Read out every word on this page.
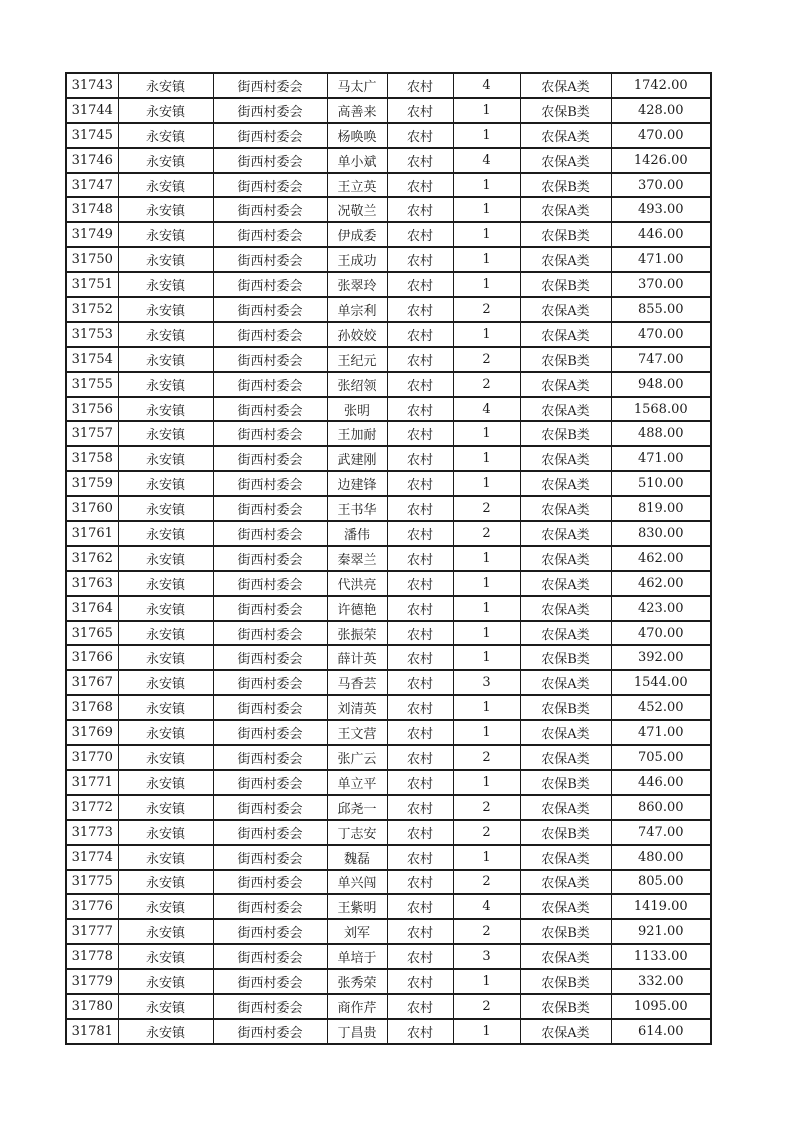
31743	永安镇	街西村委会	马太广	农村	4	农保A类	1742.00
31744	永安镇	街西村委会	高善来	农村	1	农保B类	428.00
31745	永安镇	街西村委会	杨唤唤	农村	1	农保A类	470.00
31746	永安镇	街西村委会	单小斌	农村	4	农保A类	1426.00
31747	永安镇	街西村委会	王立英	农村	1	农保B类	370.00
31748	永安镇	街西村委会	况敬兰	农村	1	农保A类	493.00
31749	永安镇	街西村委会	伊成委	农村	1	农保B类	446.00
31750	永安镇	街西村委会	王成功	农村	1	农保A类	471.00
31751	永安镇	街西村委会	张翠玲	农村	1	农保B类	370.00
31752	永安镇	街西村委会	单宗利	农村	2	农保A类	855.00
31753	永安镇	街西村委会	孙姣姣	农村	1	农保A类	470.00
31754	永安镇	街西村委会	王纪元	农村	2	农保B类	747.00
31755	永安镇	街西村委会	张绍领	农村	2	农保A类	948.00
31756	永安镇	街西村委会	张明	农村	4	农保A类	1568.00
31757	永安镇	街西村委会	王加耐	农村	1	农保B类	488.00
31758	永安镇	街西村委会	武建刚	农村	1	农保A类	471.00
31759	永安镇	街西村委会	边建锋	农村	1	农保A类	510.00
31760	永安镇	街西村委会	王书华	农村	2	农保A类	819.00
31761	永安镇	街西村委会	潘伟	农村	2	农保A类	830.00
31762	永安镇	街西村委会	秦翠兰	农村	1	农保A类	462.00
31763	永安镇	街西村委会	代洪亮	农村	1	农保A类	462.00
31764	永安镇	街西村委会	许德艳	农村	1	农保A类	423.00
31765	永安镇	街西村委会	张振荣	农村	1	农保A类	470.00
31766	永安镇	街西村委会	薛计英	农村	1	农保B类	392.00
31767	永安镇	街西村委会	马香芸	农村	3	农保A类	1544.00
31768	永安镇	街西村委会	刘清英	农村	1	农保B类	452.00
31769	永安镇	街西村委会	王文营	农村	1	农保A类	471.00
31770	永安镇	街西村委会	张广云	农村	2	农保A类	705.00
31771	永安镇	街西村委会	单立平	农村	1	农保B类	446.00
31772	永安镇	街西村委会	邱尧一	农村	2	农保A类	860.00
31773	永安镇	街西村委会	丁志安	农村	2	农保B类	747.00
31774	永安镇	街西村委会	魏磊	农村	1	农保A类	480.00
31775	永安镇	街西村委会	单兴闯	农村	2	农保A类	805.00
31776	永安镇	街西村委会	王紫明	农村	4	农保A类	1419.00
31777	永安镇	街西村委会	刘军	农村	2	农保B类	921.00
31778	永安镇	街西村委会	单培于	农村	3	农保A类	1133.00
31779	永安镇	街西村委会	张秀荣	农村	1	农保B类	332.00
31780	永安镇	街西村委会	商作芹	农村	2	农保B类	1095.00
31781	永安镇	街西村委会	丁昌贵	农村	1	农保A类	614.00
